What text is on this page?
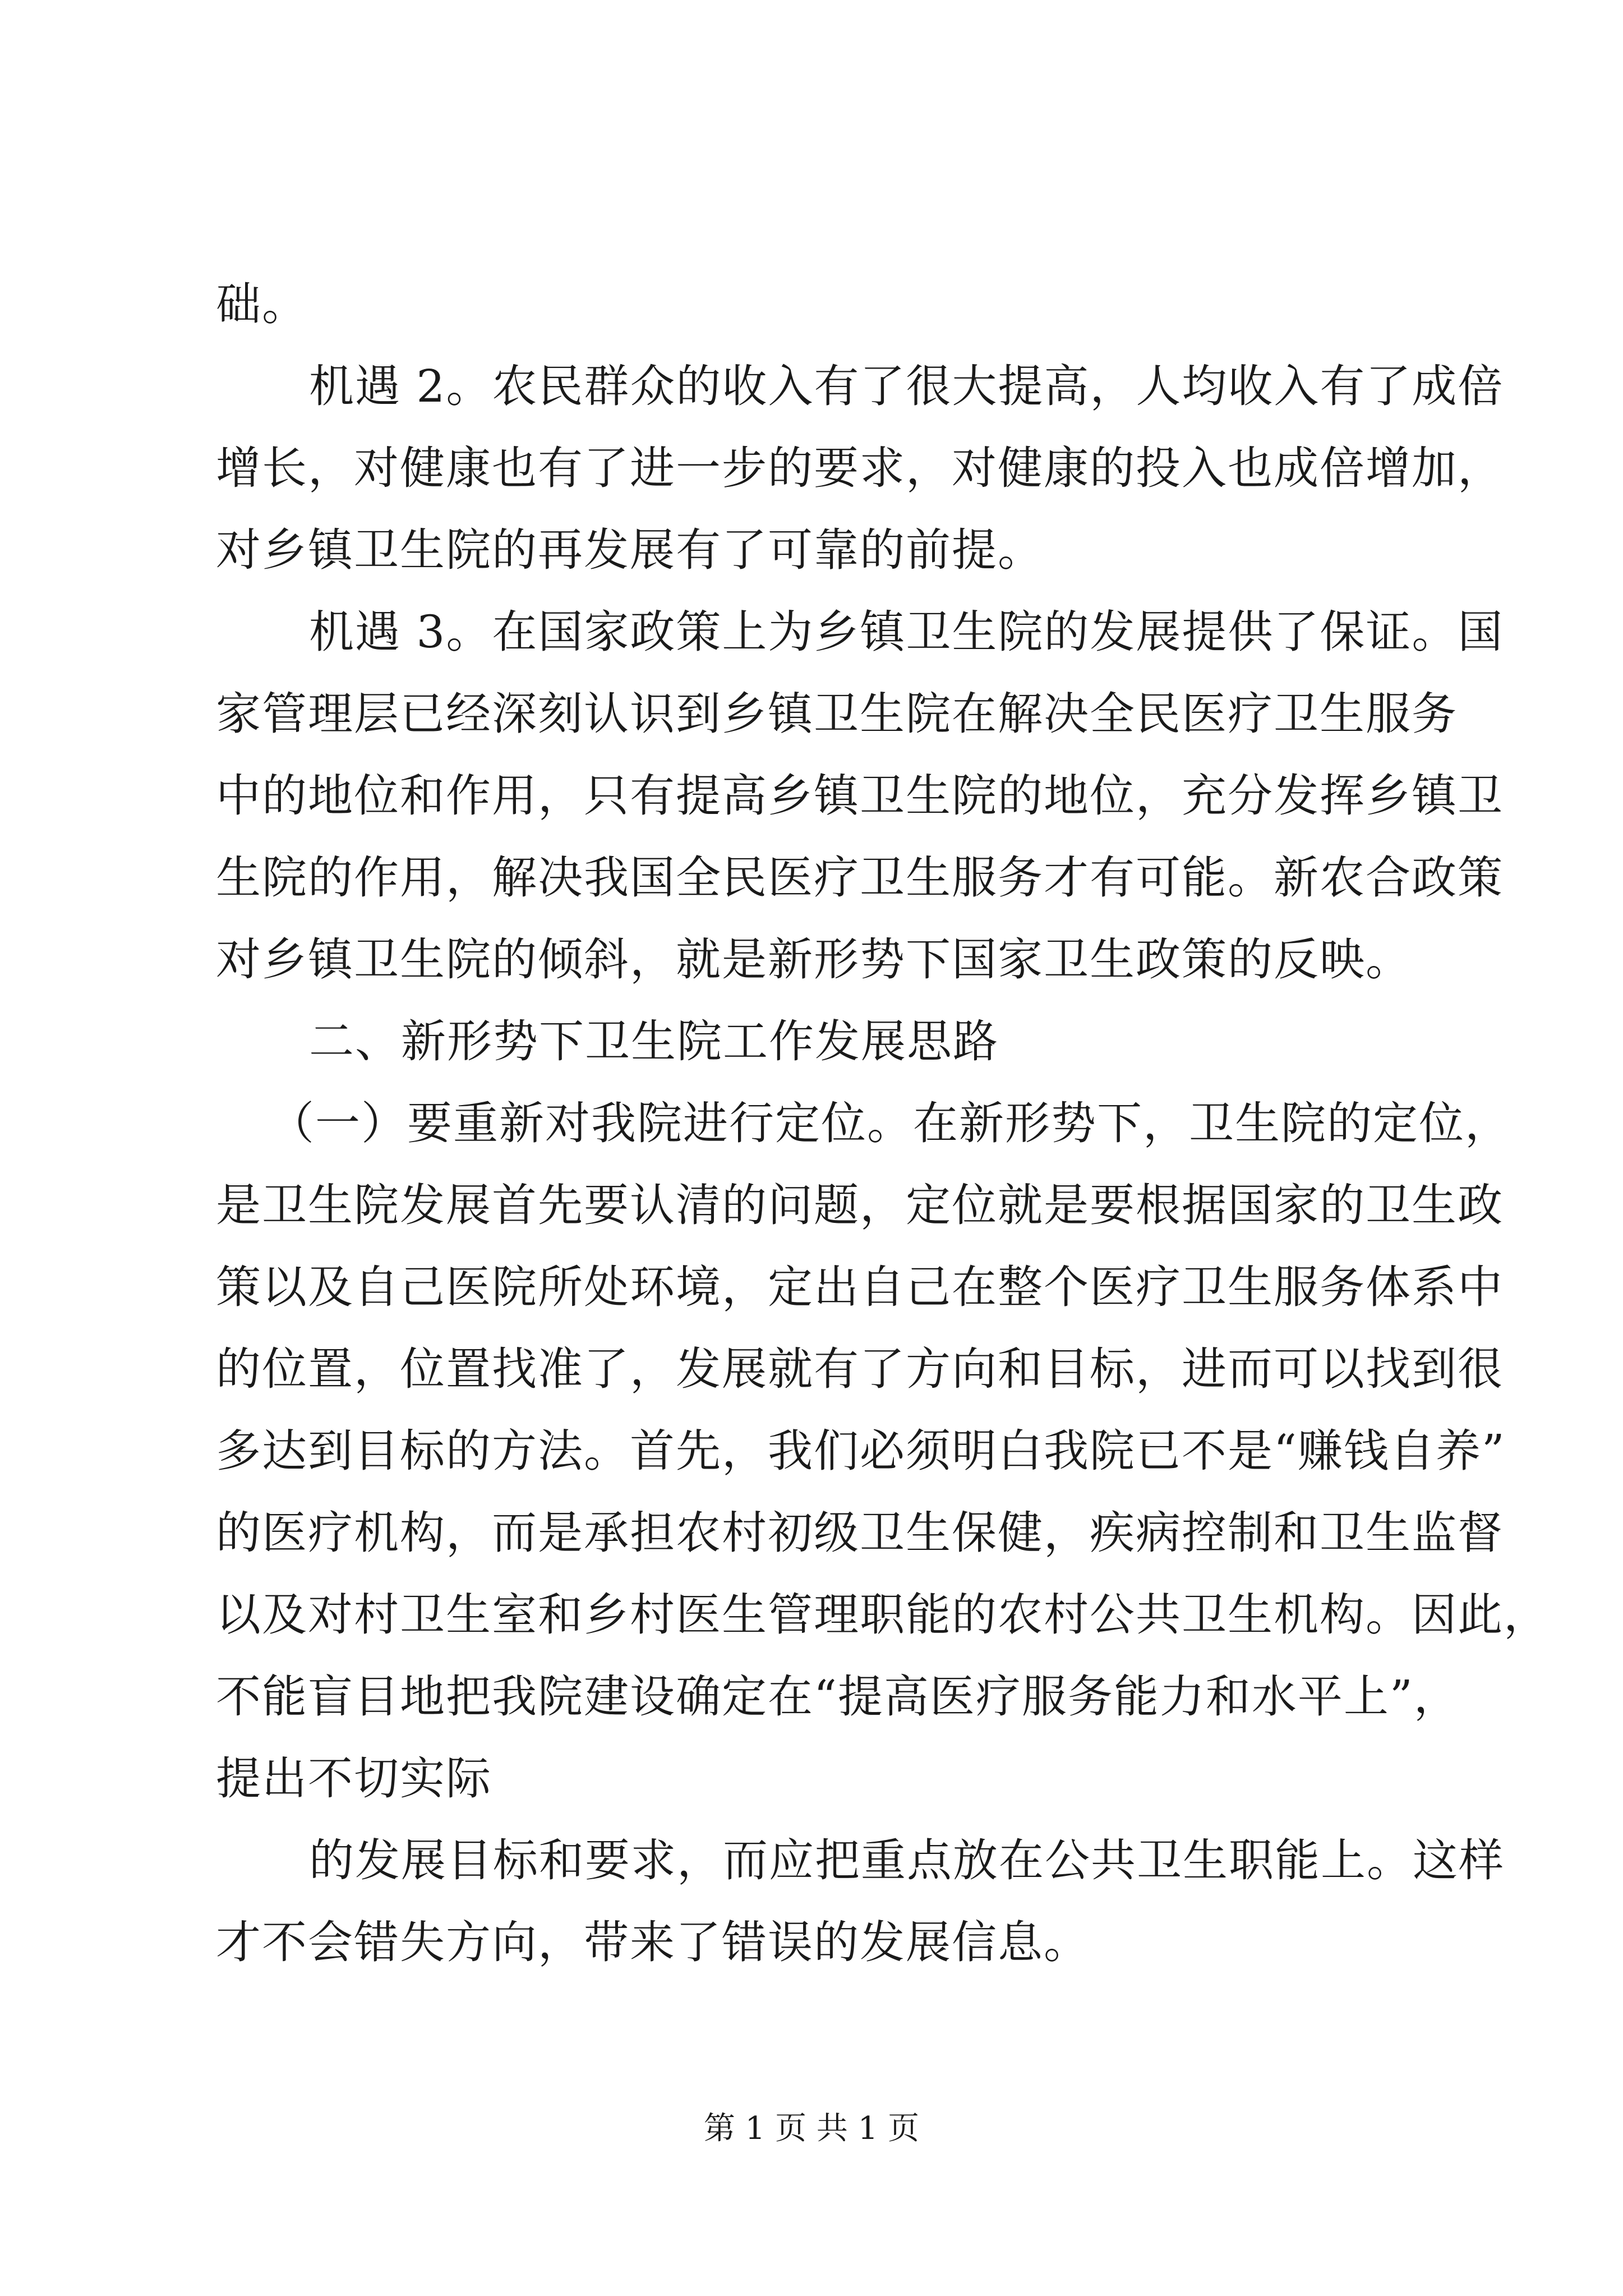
础。
机遇 2。农民群众的收入有了很大提高，人均收入有了成倍
增长，对健康也有了进一步的要求，对健康的投入也成倍增加，
对乡镇卫生院的再发展有了可靠的前提。
机遇 3。在国家政策上为乡镇卫生院的发展提供了保证。国
家管理层已经深刻认识到乡镇卫生院在解决全民医疗卫生服务
中的地位和作用，只有提高乡镇卫生院的地位，充分发挥乡镇卫
生院的作用，解决我国全民医疗卫生服务才有可能。新农合政策
对乡镇卫生院的倾斜，就是新形势下国家卫生政策的反映。
二、新形势下卫生院工作发展思路
（一）要重新对我院进行定位。在新形势下，卫生院的定位，
是卫生院发展首先要认清的问题，定位就是要根据国家的卫生政
策以及自己医院所处环境，定出自己在整个医疗卫生服务体系中
的位置，位置找准了，发展就有了方向和目标，进而可以找到很
多达到目标的方法。首先，我们必须明白我院已不是“赚钱自养”
的医疗机构，而是承担农村初级卫生保健，疾病控制和卫生监督
以及对村卫生室和乡村医生管理职能的农村公共卫生机构。因此，
不能盲目地把我院建设确定在“提高医疗服务能力和水平上”，
提出不切实际
的发展目标和要求，而应把重点放在公共卫生职能上。这样
才不会错失方向，带来了错误的发展信息。
第 1 页 共 1 页
